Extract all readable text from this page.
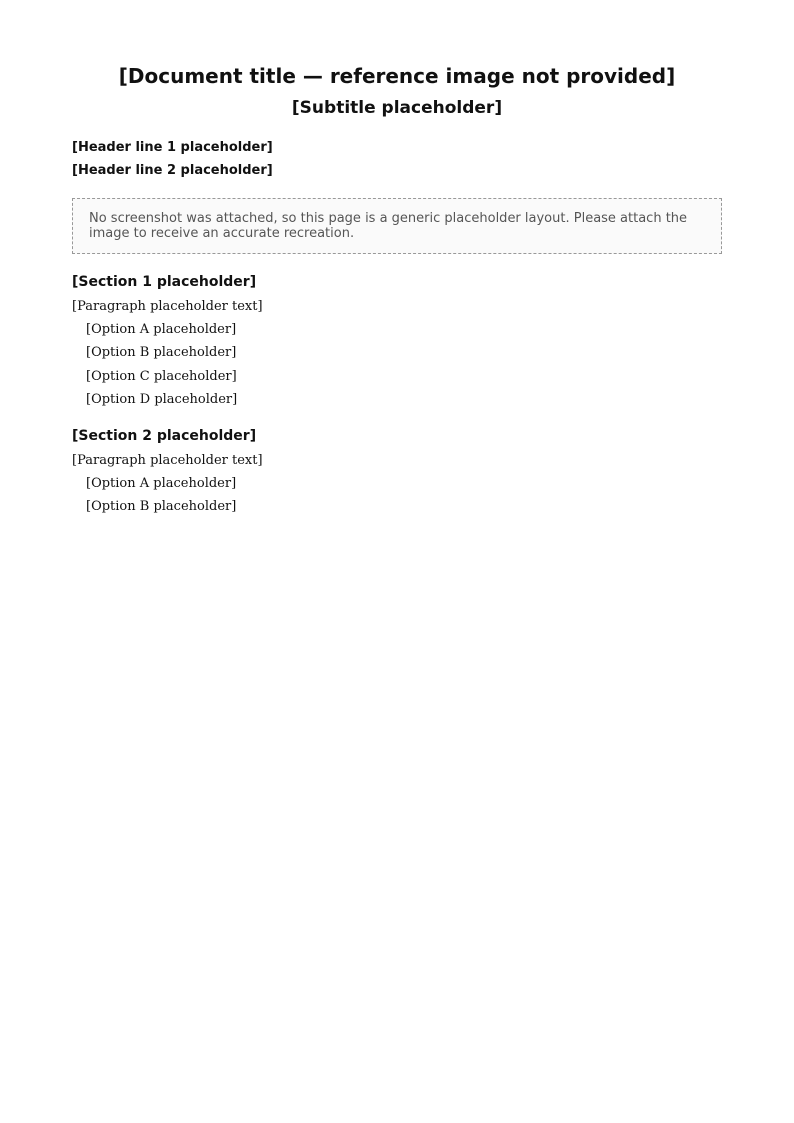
[Document title — reference image not provided]
[Subtitle placeholder]

[Header line 1 placeholder]

[Header line 2 placeholder]

No screenshot was attached, so this page is a generic placeholder layout. Please attach the image to receive an accurate recreation.

[Section 1 placeholder]

[Paragraph placeholder text]

[Option A placeholder]

[Option B placeholder]

[Option C placeholder]

[Option D placeholder]

[Section 2 placeholder]

[Paragraph placeholder text]

[Option A placeholder]

[Option B placeholder]
